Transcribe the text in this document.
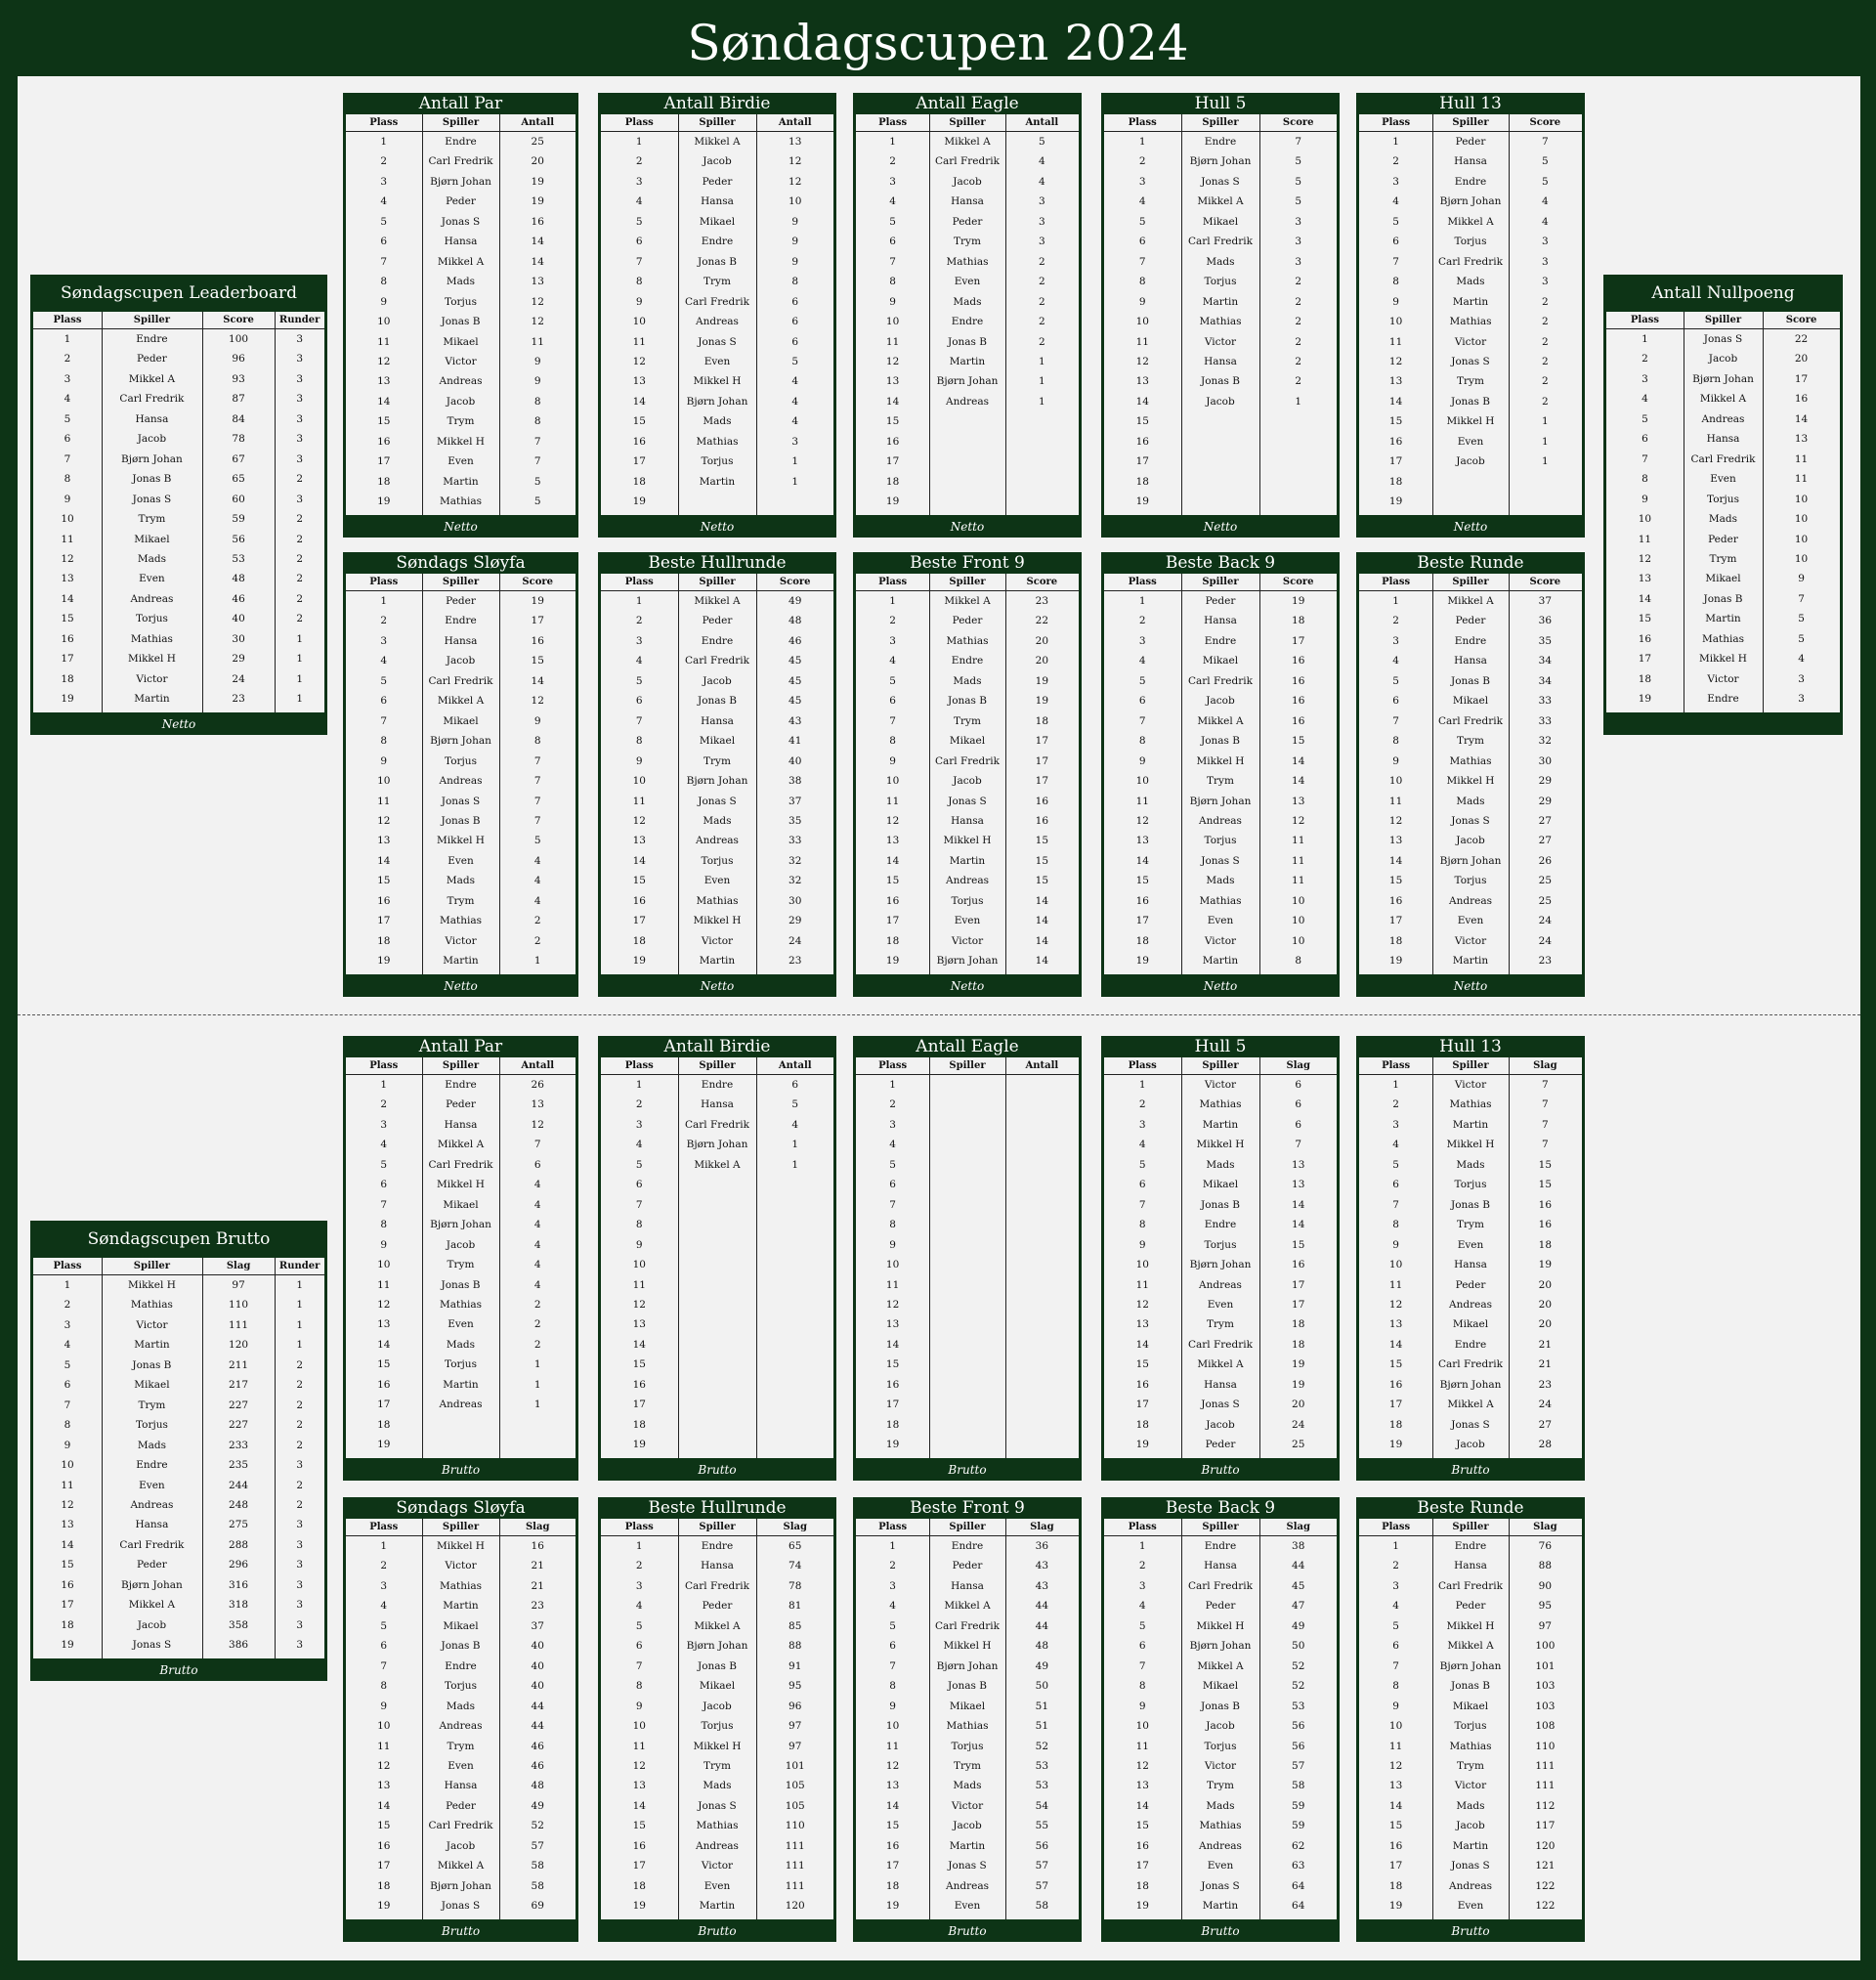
Søndagscupen 2024
Søndagscupen Leaderboard
Plass	Spiller	Score	Runder
1	Endre	100	3
2	Peder	96	3
3	Mikkel A	93	3
4	Carl Fredrik	87	3
5	Hansa	84	3
6	Jacob	78	3
7	Bjørn Johan	67	3
8	Jonas B	65	2
9	Jonas S	60	3
10	Trym	59	2
11	Mikael	56	2
12	Mads	53	2
13	Even	48	2
14	Andreas	46	2
15	Torjus	40	2
16	Mathias	30	1
17	Mikkel H	29	1
18	Victor	24	1
19	Martin	23	1
Netto
Antall Nullpoeng
Plass	Spiller	Score
1	Jonas S	22
2	Jacob	20
3	Bjørn Johan	17
4	Mikkel A	16
5	Andreas	14
6	Hansa	13
7	Carl Fredrik	11
8	Even	11
9	Torjus	10
10	Mads	10
11	Peder	10
12	Trym	10
13	Mikael	9
14	Jonas B	7
15	Martin	5
16	Mathias	5
17	Mikkel H	4
18	Victor	3
19	Endre	3
Antall Par
Plass	Spiller	Antall
1	Endre	25
2	Carl Fredrik	20
3	Bjørn Johan	19
4	Peder	19
5	Jonas S	16
6	Hansa	14
7	Mikkel A	14
8	Mads	13
9	Torjus	12
10	Jonas B	12
11	Mikael	11
12	Victor	9
13	Andreas	9
14	Jacob	8
15	Trym	8
16	Mikkel H	7
17	Even	7
18	Martin	5
19	Mathias	5
Netto
Antall Birdie
Plass	Spiller	Antall
1	Mikkel A	13
2	Jacob	12
3	Peder	12
4	Hansa	10
5	Mikael	9
6	Endre	9
7	Jonas B	9
8	Trym	8
9	Carl Fredrik	6
10	Andreas	6
11	Jonas S	6
12	Even	5
13	Mikkel H	4
14	Bjørn Johan	4
15	Mads	4
16	Mathias	3
17	Torjus	1
18	Martin	1
19
Netto
Antall Eagle
Plass	Spiller	Antall
1	Mikkel A	5
2	Carl Fredrik	4
3	Jacob	4
4	Hansa	3
5	Peder	3
6	Trym	3
7	Mathias	2
8	Even	2
9	Mads	2
10	Endre	2
11	Jonas B	2
12	Martin	1
13	Bjørn Johan	1
14	Andreas	1
15
16
17
18
19
Netto
Hull 5
Plass	Spiller	Score
1	Endre	7
2	Bjørn Johan	5
3	Jonas S	5
4	Mikkel A	5
5	Mikael	3
6	Carl Fredrik	3
7	Mads	3
8	Torjus	2
9	Martin	2
10	Mathias	2
11	Victor	2
12	Hansa	2
13	Jonas B	2
14	Jacob	1
15
16
17
18
19
Netto
Hull 13
Plass	Spiller	Score
1	Peder	7
2	Hansa	5
3	Endre	5
4	Bjørn Johan	4
5	Mikkel A	4
6	Torjus	3
7	Carl Fredrik	3
8	Mads	3
9	Martin	2
10	Mathias	2
11	Victor	2
12	Jonas S	2
13	Trym	2
14	Jonas B	2
15	Mikkel H	1
16	Even	1
17	Jacob	1
18
19
Netto
Søndags Sløyfa
Plass	Spiller	Score
1	Peder	19
2	Endre	17
3	Hansa	16
4	Jacob	15
5	Carl Fredrik	14
6	Mikkel A	12
7	Mikael	9
8	Bjørn Johan	8
9	Torjus	7
10	Andreas	7
11	Jonas S	7
12	Jonas B	7
13	Mikkel H	5
14	Even	4
15	Mads	4
16	Trym	4
17	Mathias	2
18	Victor	2
19	Martin	1
Netto
Beste Hullrunde
Plass	Spiller	Score
1	Mikkel A	49
2	Peder	48
3	Endre	46
4	Carl Fredrik	45
5	Jacob	45
6	Jonas B	45
7	Hansa	43
8	Mikael	41
9	Trym	40
10	Bjørn Johan	38
11	Jonas S	37
12	Mads	35
13	Andreas	33
14	Torjus	32
15	Even	32
16	Mathias	30
17	Mikkel H	29
18	Victor	24
19	Martin	23
Netto
Beste Front 9
Plass	Spiller	Score
1	Mikkel A	23
2	Peder	22
3	Mathias	20
4	Endre	20
5	Mads	19
6	Jonas B	19
7	Trym	18
8	Mikael	17
9	Carl Fredrik	17
10	Jacob	17
11	Jonas S	16
12	Hansa	16
13	Mikkel H	15
14	Martin	15
15	Andreas	15
16	Torjus	14
17	Even	14
18	Victor	14
19	Bjørn Johan	14
Netto
Beste Back 9
Plass	Spiller	Score
1	Peder	19
2	Hansa	18
3	Endre	17
4	Mikael	16
5	Carl Fredrik	16
6	Jacob	16
7	Mikkel A	16
8	Jonas B	15
9	Mikkel H	14
10	Trym	14
11	Bjørn Johan	13
12	Andreas	12
13	Torjus	11
14	Jonas S	11
15	Mads	11
16	Mathias	10
17	Even	10
18	Victor	10
19	Martin	8
Netto
Beste Runde
Plass	Spiller	Score
1	Mikkel A	37
2	Peder	36
3	Endre	35
4	Hansa	34
5	Jonas B	34
6	Mikael	33
7	Carl Fredrik	33
8	Trym	32
9	Mathias	30
10	Mikkel H	29
11	Mads	29
12	Jonas S	27
13	Jacob	27
14	Bjørn Johan	26
15	Torjus	25
16	Andreas	25
17	Even	24
18	Victor	24
19	Martin	23
Netto
Søndagscupen Brutto
Plass	Spiller	Slag	Runder
1	Mikkel H	97	1
2	Mathias	110	1
3	Victor	111	1
4	Martin	120	1
5	Jonas B	211	2
6	Mikael	217	2
7	Trym	227	2
8	Torjus	227	2
9	Mads	233	2
10	Endre	235	3
11	Even	244	2
12	Andreas	248	2
13	Hansa	275	3
14	Carl Fredrik	288	3
15	Peder	296	3
16	Bjørn Johan	316	3
17	Mikkel A	318	3
18	Jacob	358	3
19	Jonas S	386	3
Brutto
Antall Par
Plass	Spiller	Antall
1	Endre	26
2	Peder	13
3	Hansa	12
4	Mikkel A	7
5	Carl Fredrik	6
6	Mikkel H	4
7	Mikael	4
8	Bjørn Johan	4
9	Jacob	4
10	Trym	4
11	Jonas B	4
12	Mathias	2
13	Even	2
14	Mads	2
15	Torjus	1
16	Martin	1
17	Andreas	1
18
19
Brutto
Antall Birdie
Plass	Spiller	Antall
1	Endre	6
2	Hansa	5
3	Carl Fredrik	4
4	Bjørn Johan	1
5	Mikkel A	1
6
7
8
9
10
11
12
13
14
15
16
17
18
19
Brutto
Antall Eagle
Plass	Spiller	Antall
1
2
3
4
5
6
7
8
9
10
11
12
13
14
15
16
17
18
19
Brutto
Hull 5
Plass	Spiller	Slag
1	Victor	6
2	Mathias	6
3	Martin	6
4	Mikkel H	7
5	Mads	13
6	Mikael	13
7	Jonas B	14
8	Endre	14
9	Torjus	15
10	Bjørn Johan	16
11	Andreas	17
12	Even	17
13	Trym	18
14	Carl Fredrik	18
15	Mikkel A	19
16	Hansa	19
17	Jonas S	20
18	Jacob	24
19	Peder	25
Brutto
Hull 13
Plass	Spiller	Slag
1	Victor	7
2	Mathias	7
3	Martin	7
4	Mikkel H	7
5	Mads	15
6	Torjus	15
7	Jonas B	16
8	Trym	16
9	Even	18
10	Hansa	19
11	Peder	20
12	Andreas	20
13	Mikael	20
14	Endre	21
15	Carl Fredrik	21
16	Bjørn Johan	23
17	Mikkel A	24
18	Jonas S	27
19	Jacob	28
Brutto
Søndags Sløyfa
Plass	Spiller	Slag
1	Mikkel H	16
2	Victor	21
3	Mathias	21
4	Martin	23
5	Mikael	37
6	Jonas B	40
7	Endre	40
8	Torjus	40
9	Mads	44
10	Andreas	44
11	Trym	46
12	Even	46
13	Hansa	48
14	Peder	49
15	Carl Fredrik	52
16	Jacob	57
17	Mikkel A	58
18	Bjørn Johan	58
19	Jonas S	69
Brutto
Beste Hullrunde
Plass	Spiller	Slag
1	Endre	65
2	Hansa	74
3	Carl Fredrik	78
4	Peder	81
5	Mikkel A	85
6	Bjørn Johan	88
7	Jonas B	91
8	Mikael	95
9	Jacob	96
10	Torjus	97
11	Mikkel H	97
12	Trym	101
13	Mads	105
14	Jonas S	105
15	Mathias	110
16	Andreas	111
17	Victor	111
18	Even	111
19	Martin	120
Brutto
Beste Front 9
Plass	Spiller	Slag
1	Endre	36
2	Peder	43
3	Hansa	43
4	Mikkel A	44
5	Carl Fredrik	44
6	Mikkel H	48
7	Bjørn Johan	49
8	Jonas B	50
9	Mikael	51
10	Mathias	51
11	Torjus	52
12	Trym	53
13	Mads	53
14	Victor	54
15	Jacob	55
16	Martin	56
17	Jonas S	57
18	Andreas	57
19	Even	58
Brutto
Beste Back 9
Plass	Spiller	Slag
1	Endre	38
2	Hansa	44
3	Carl Fredrik	45
4	Peder	47
5	Mikkel H	49
6	Bjørn Johan	50
7	Mikkel A	52
8	Mikael	52
9	Jonas B	53
10	Jacob	56
11	Torjus	56
12	Victor	57
13	Trym	58
14	Mads	59
15	Mathias	59
16	Andreas	62
17	Even	63
18	Jonas S	64
19	Martin	64
Brutto
Beste Runde
Plass	Spiller	Slag
1	Endre	76
2	Hansa	88
3	Carl Fredrik	90
4	Peder	95
5	Mikkel H	97
6	Mikkel A	100
7	Bjørn Johan	101
8	Jonas B	103
9	Mikael	103
10	Torjus	108
11	Mathias	110
12	Trym	111
13	Victor	111
14	Mads	112
15	Jacob	117
16	Martin	120
17	Jonas S	121
18	Andreas	122
19	Even	122
Brutto
